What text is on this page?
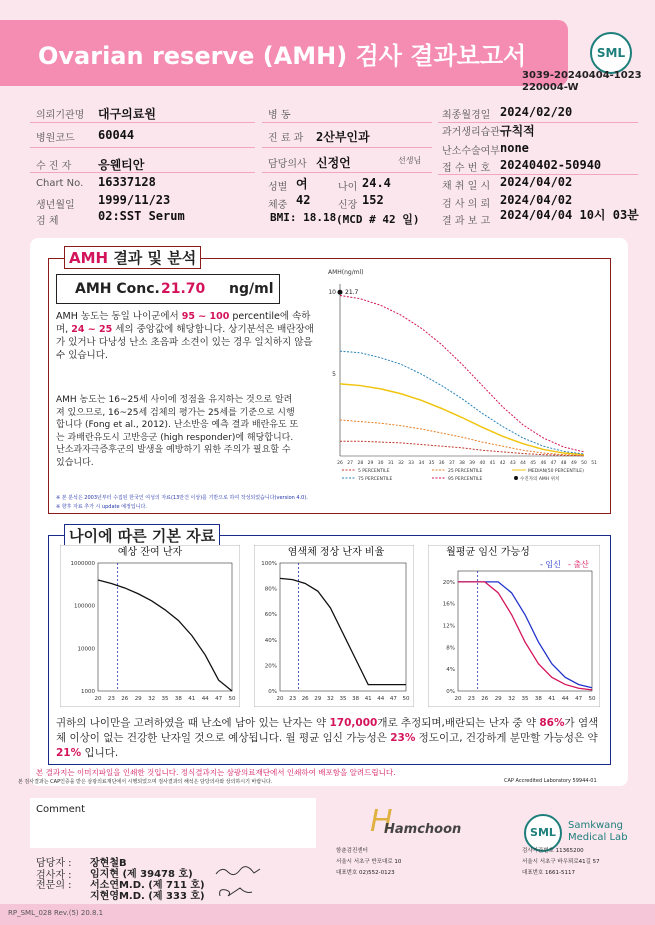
Ovarian reserve (AMH) 검사 결과보고서	SML
3039-20240404-1023
220004-W
의뢰기관명 대구의료원	병 동	최종월경일 2024/02/20
병원코드 60044	진 료 과 2산부인과	과거생리습관 규칙적
난소수술여부 none
수 진 자 응웬티안	담당의사 신정언	선생님
접 수 번 호 20240402-50940
Chart No. 16337128	성별 여	나이 24.4	채 취 일 시 2024/04/02
생년월일 1999/11/23	체중 42	신장 152	검 사 의 뢰 2024/04/02
검 체	02:SST Serum	BMI: 18.18 (MCD # 42 일) 결 과 보 고 2024/04/04 10시 03분
AMH 결과 및 분석
AMH Conc. 21.70 ng/ml
AMH 농도는 동일 나이군에서 95 ~ 100 percentile에 속하며, 24 ~ 25 세의 중앙값에 해당합니다. 상기분석은 배란장애가 있거나 다낭성 난소 초음파 소견이 있는 경우 일치하지 않을 수 있습니다.
AMH 농도는 16~25세 사이에 정점을 유지하는 것으로 알려져 있으므로, 16~25세 검체의 평가는 25세를 기준으로 시행합니다 (Fong et al., 2012). 난소반응 예측 결과 배란유도 또는 과배란유도시 고반응군 (high responder)에 해당합니다. 난소과자극증후군의 발생을 예방하기 위한 주의가 필요할 수 있습니다.
※ 본 분석은 2003년부터 수집된 한국인 여성의 자료(13만건 이상)를 기반으로 하여 작성되었습니다(version 4.0).
※ 향후 자료 추가 시 update 예정입니다.
AMH(ng/ml)
5
10
26 27 28 29 30 31 32 33 34 35 36 37 38 39 40 41 42 43 44 45 46 47 48 49 50 51
21.7
5 PERCENTILE	25 PERCENTILE	MEDIAN(50 PERCENTILE)
75 PERCENTILE	95 PERCENTILE	수진자의 AMH 위치
나이에 따른 기본 자료
예상 잔여 난자
1000
10000
100000
1000000
20 23 26 29 32 35 38 41 44 47 50
염색체 정상 난자 비율
0%
20%
40%
60%
80%
100%
20 23 26 29 32 35 38 41 44 47 50
월평균 임신 가능성
- 임신 - 출산
0%
4%
8%
12%
16%
20%
20 23 26 29 32 35 38 41 44 47 50
귀하의 나이만을 고려하였을 때 난소에 남아 있는 난자는 약 170,000개로 추정되며,배란되는 난자 중 약 86%가 염색체 이상이 없는 건강한 난자일 것으로 예상됩니다. 월 평균 임신 가능성은 23% 정도이고, 건강하게 분만할 가능성은 약 21% 입니다.
본 결과지는 이미지파일을 인쇄한 것입니다. 정식결과지는 삼광의료재단에서 인쇄하여 배포함을 알려드립니다.
CAP Accredited Laboratory 59944-01
본 검사결과는 CAP인증을 받은 삼광의료재단에서 시행되었으며 검사결과의 해석은 담당의사와 상의하시기 바랍니다.
Comment
담당자 :
검사자 :
전문의 :
장현철B
임지현 (제 39478 호)
서소연M.D. (제 711 호)
지현영M.D. (제 333 호)
H
Hamchoon
함춘검진센터
서울시 서초구 반포대로 10
대표번호 02)552-0123
SML
Samkwang
Medical Lab
검사기관번호 11365200
서울시 서초구 바우뫼로41길 57
대표번호 1661-5117
RP_SML_028 Rev.(5) 20.8.1
